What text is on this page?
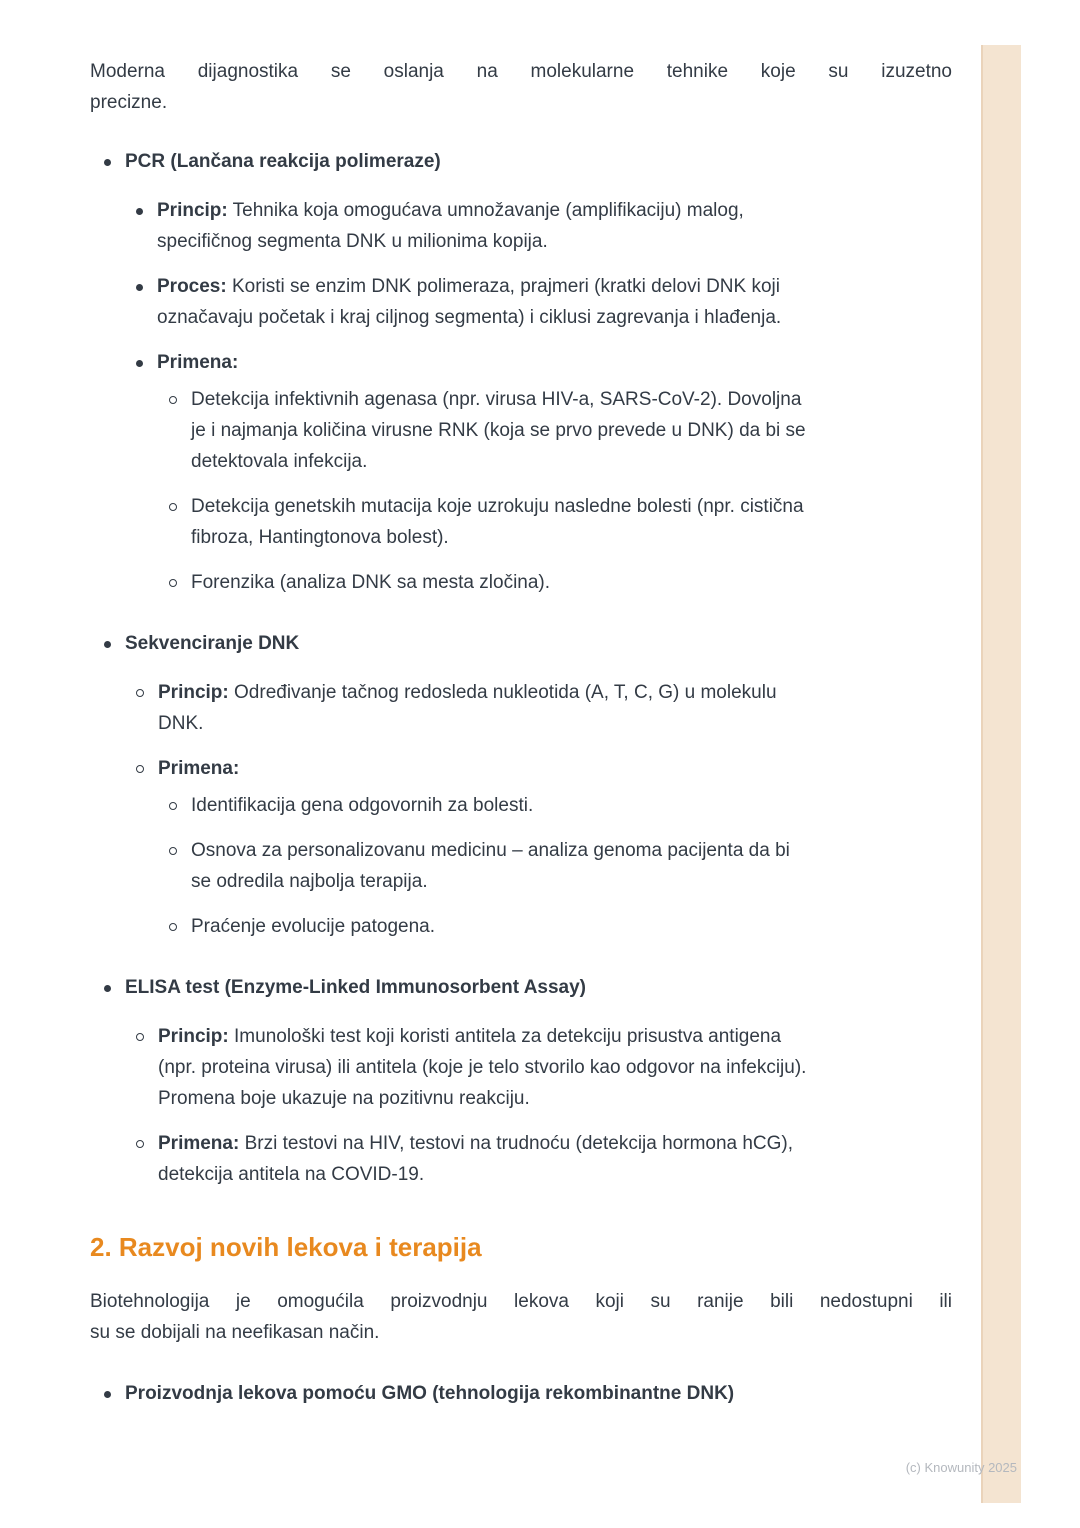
Moderna dijagnostika se oslanja na molekularne tehnike koje su izuzetno

precizne.

PCR (Lančana reakcija polimeraze)
Princip: Tehnika koja omogućava umnožavanje (amplifikaciju) malog, specifičnog segmenta DNK u milionima kopija.
Proces: Koristi se enzim DNK polimeraza, prajmeri (kratki delovi DNK koji označavaju početak i kraj ciljnog segmenta) i ciklusi zagrevanja i hlađenja.
Primena:
Detekcija infektivnih agenasa (npr. virusa HIV-a, SARS-CoV-2). Dovoljna je i najmanja količina virusne RNK (koja se prvo prevede u DNK) da bi se detektovala infekcija.
Detekcija genetskih mutacija koje uzrokuju nasledne bolesti (npr. cistična fibroza, Hantingtonova bolest).
Forenzika (analiza DNK sa mesta zločina).
Sekvenciranje DNK
Princip: Određivanje tačnog redosleda nukleotida (A, T, C, G) u molekulu DNK.
Primena:
Identifikacija gena odgovornih za bolesti.
Osnova za personalizovanu medicinu – analiza genoma pacijenta da bi se odredila najbolja terapija.
Praćenje evolucije patogena.
ELISA test (Enzyme-Linked Immunosorbent Assay)
Princip: Imunološki test koji koristi antitela za detekciju prisustva antigena (npr. proteina virusa) ili antitela (koje je telo stvorilo kao odgovor na infekciju). Promena boje ukazuje na pozitivnu reakciju.
Primena: Brzi testovi na HIV, testovi na trudnoću (detekcija hormona hCG), detekcija antitela na COVID-19.
2. Razvoj novih lekova i terapija

Biotehnologija je omogućila proizvodnju lekova koji su ranije bili nedostupni ili

su se dobijali na neefikasan način.

Proizvodnja lekova pomoću GMO (tehnologija rekombinantne DNK)
(c) Knowunity 2025
